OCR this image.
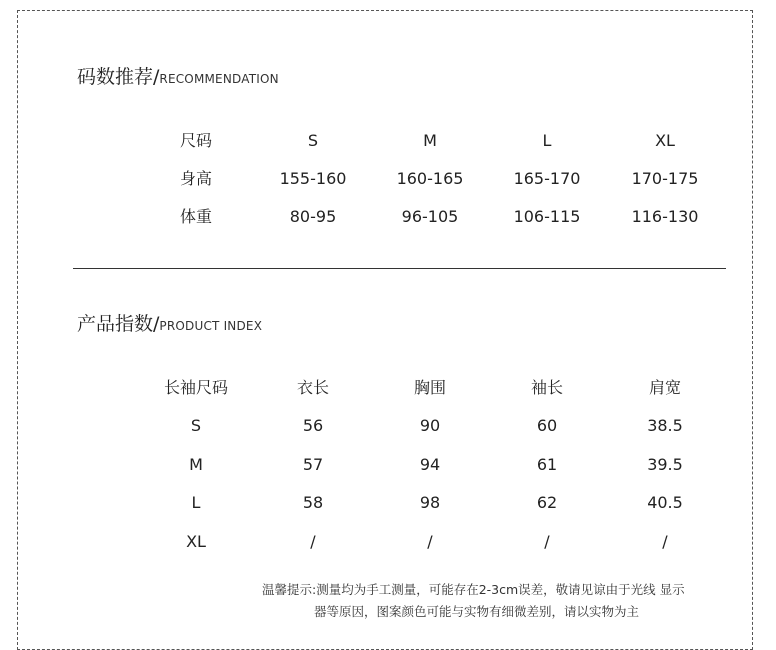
码数推荐/RECOMMENDATION
尺码	S	M	L	XL
身高	155-160	160-165	165-170	170-175
体重	80-95	96-105	106-115	116-130
产品指数/PRODUCT INDEX
长袖尺码	衣长	胸围	袖长	肩宽
S	56	90	60	38.5
M	57	94	61	39.5
L	58	98	62	40.5
XL	/	/	/	/
温馨提示:测量均为手工测量，可能存在2-3cm误差，敬请见谅由于光线 显示
器等原因，图案颜色可能与实物有细微差别，请以实物为主
